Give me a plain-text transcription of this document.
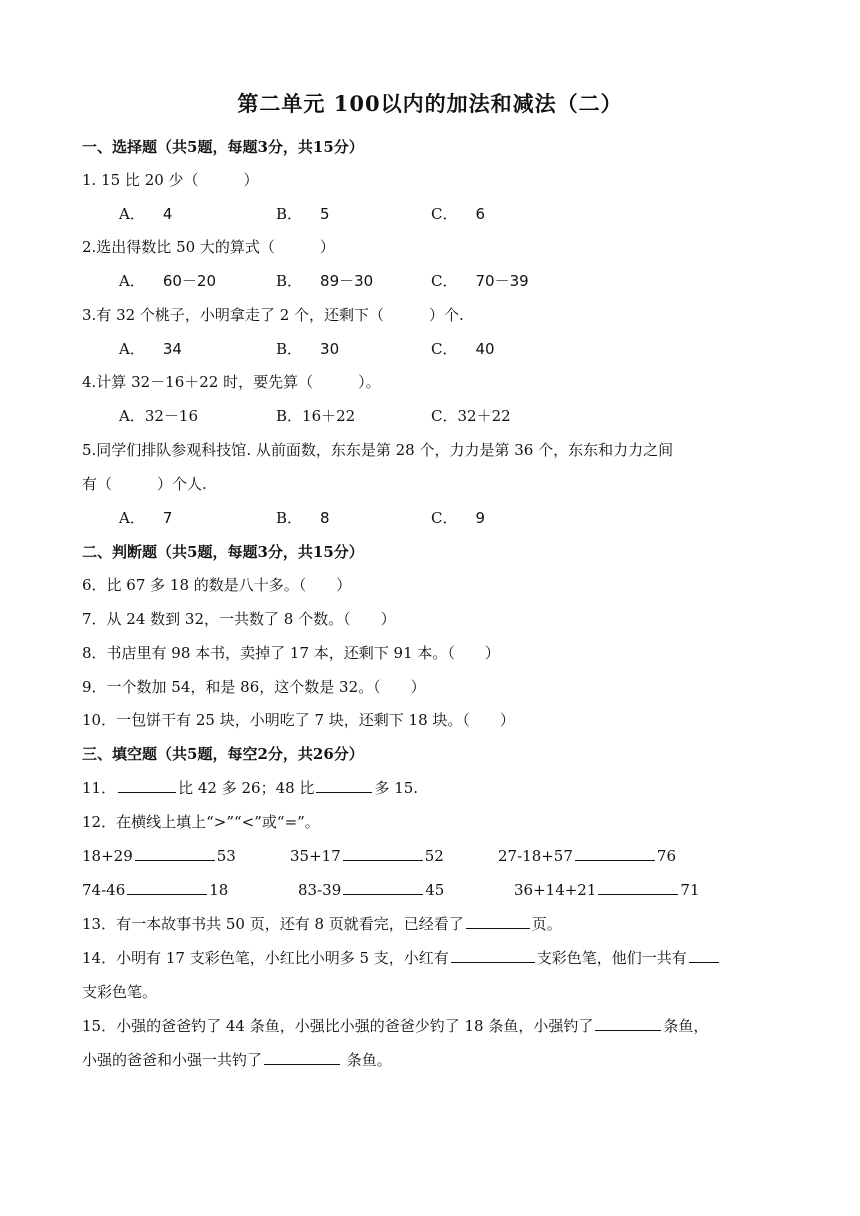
第二单元 100以内的加法和减法（二）
一、选择题（共5题，每题3分，共15分）
1. 15 比 20 少（　　　）
A． 4	B． 5	C． 6
2.选出得数比 50 大的算式（　　　）
A． 60－20	B． 89－30	C． 70－39
3.有 32 个桃子，小明拿走了 2 个，还剩下（　　　）个.
A． 34	B． 30	C． 40
4.计算 32－16＋22 时，要先算（　　　）。
A．32－16	B．16＋22	C．32＋22
5.同学们排队参观科技馆. 从前面数，东东是第 28 个，力力是第 36 个，东东和力力之间
有（　　　）个人.
A． 7	B． 8	C． 9
二、判断题（共5题，每题3分，共15分）
6．比 67 多 18 的数是八十多。（　　）
7．从 24 数到 32，一共数了 8 个数。（　　）
8．书店里有 98 本书，卖掉了 17 本，还剩下 91 本。（　　）
9．一个数加 54，和是 86，这个数是 32。（　　）
10．一包饼干有 25 块，小明吃了 7 块，还剩下 18 块。（　　）
三、填空题（共5题，每空2分，共26分）
11．	比 42 多 26；48 比	多 15.
12．在横线上填上“>”“<”或“=”。
18+29	53	35+17	52	27-18+57	76
74-46	18	83-39	45	36+14+21	71
13．有一本故事书共 50 页，还有 8 页就看完，已经看了	页。
14．小明有 17 支彩色笔，小红比小明多 5 支，小红有	支彩色笔，他们一共有
支彩色笔。
15．小强的爸爸钓了 44 条鱼，小强比小强的爸爸少钓了 18 条鱼，小强钓了	条鱼，
小强的爸爸和小强一共钓了	条鱼。
